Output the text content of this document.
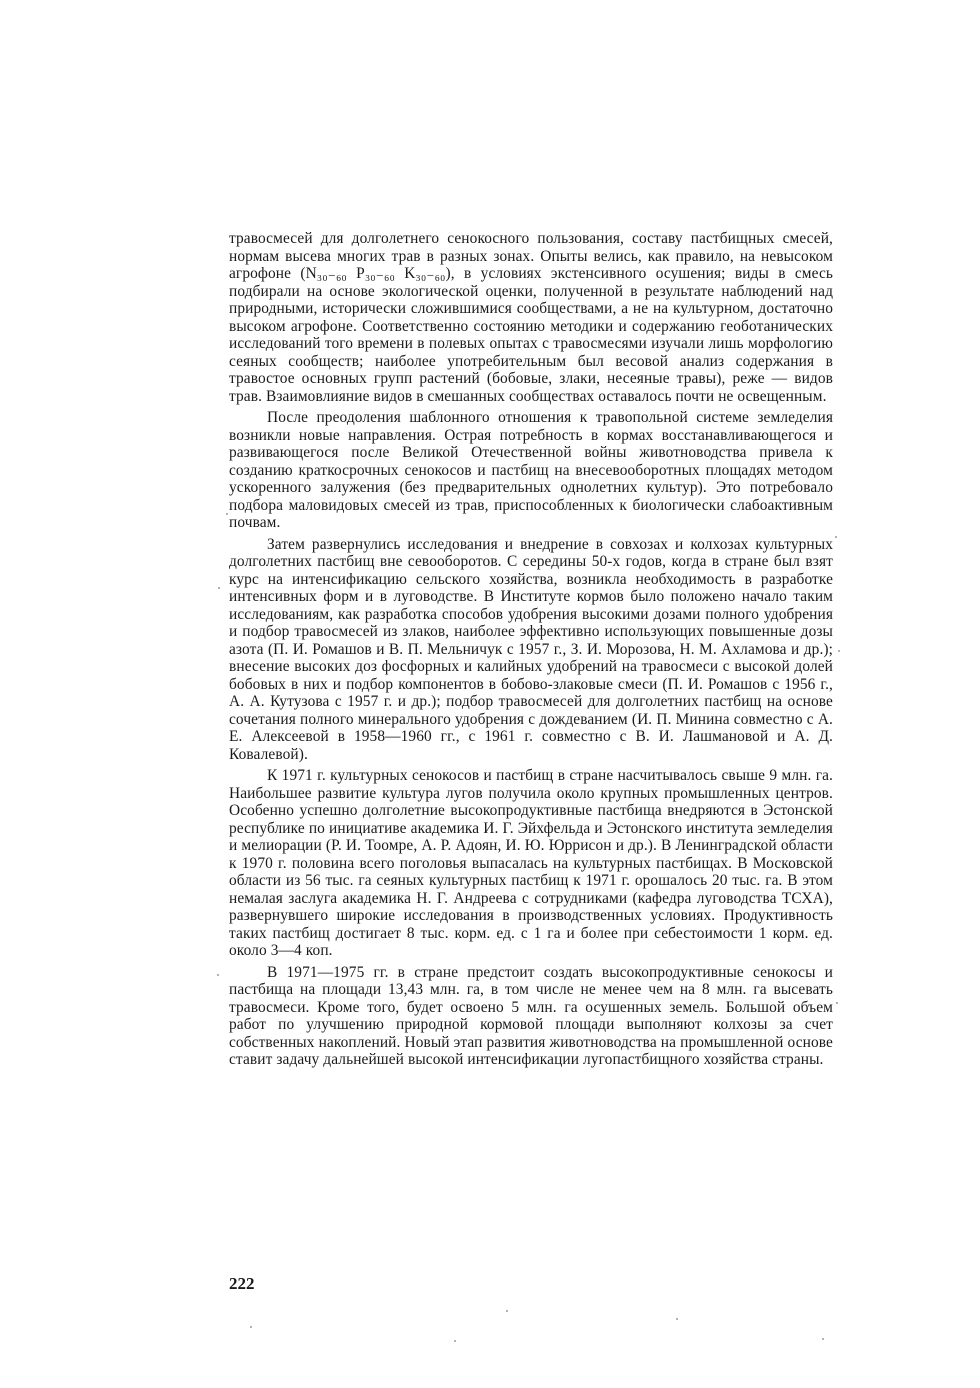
травосмесей для долголетнего сенокосного пользования, составу пастбищных смесей, нормам высева многих трав в разных зонах. Опыты велись, как правило, на невысоком агрофоне (N₃₀₋₆₀ P₃₀₋₆₀ K₃₀₋₆₀), в условиях экстенсивного осушения; виды в смесь подбирали на основе экологической оценки, полученной в результате наблюдений над природными, исторически сложившимися сообществами, а не на культурном, достаточно высоком агрофоне. Соответственно состоянию методики и содержанию геоботанических исследований того времени в полевых опытах с травосмесями изучали лишь морфологию сеяных сообществ; наиболее употребительным был весовой анализ содержания в травостое основных групп растений (бобовые, злаки, несеяные травы), реже — видов трав. Взаимовлияние видов в смешанных сообществах оставалось почти не освещенным.

После преодоления шаблонного отношения к травопольной системе земледелия возникли новые направления. Острая потребность в кормах восстанавливающегося и развивающегося после Великой Отечественной войны животноводства привела к созданию краткосрочных сенокосов и пастбищ на внесевооборотных площадях методом ускоренного залужения (без предварительных однолетних культур). Это потребовало подбора маловидовых смесей из трав, приспособленных к биологически слабоактивным почвам.

Затем развернулись исследования и внедрение в совхозах и колхозах культурных долголетних пастбищ вне севооборотов. С середины 50-х годов, когда в стране был взят курс на интенсификацию сельского хозяйства, возникла необходимость в разработке интенсивных форм и в луговодстве. В Институте кормов было положено начало таким исследованиям, как разработка способов удобрения высокими дозами полного удобрения и подбор травосмесей из злаков, наиболее эффективно использующих повышенные дозы азота (П. И. Ромашов и В. П. Мельничук с 1957 г., З. И. Морозова, Н. М. Ахламова и др.); внесение высоких доз фосфорных и калийных удобрений на травосмеси с высокой долей бобовых в них и подбор компонентов в бобово-злаковые смеси (П. И. Ромашов с 1956 г., А. А. Кутузова с 1957 г. и др.); подбор травосмесей для долголетних пастбищ на основе сочетания полного минерального удобрения с дождеванием (И. П. Минина совместно с А. Е. Алексеевой в 1958—1960 гг., с 1961 г. совместно с В. И. Лашмановой и А. Д. Ковалевой).

К 1971 г. культурных сенокосов и пастбищ в стране насчитывалось свыше 9 млн. га. Наибольшее развитие культура лугов получила около крупных промышленных центров. Особенно успешно долголетние высокопродуктивные пастбища внедряются в Эстонской республике по инициативе академика И. Г. Эйхфельда и Эстонского института земледелия и мелиорации (Р. И. Тоомре, А. Р. Адоян, И. Ю. Юррисон и др.). В Ленинградской области к 1970 г. половина всего поголовья выпасалась на культурных пастбищах. В Московской области из 56 тыс. га сеяных культурных пастбищ к 1971 г. орошалось 20 тыс. га. В этом немалая заслуга академика Н. Г. Андреева с сотрудниками (кафедра луговодства ТСХА), развернувшего широкие исследования в производственных условиях. Продуктивность таких пастбищ достигает 8 тыс. корм. ед. с 1 га и более при себестоимости 1 корм. ед. около 3—4 коп.

В 1971—1975 гг. в стране предстоит создать высокопродуктивные сенокосы и пастбища на площади 13,43 млн. га, в том числе не менее чем на 8 млн. га высевать травосмеси. Кроме того, будет освоено 5 млн. га осушенных земель. Большой объем работ по улучшению природной кормовой площади выполняют колхозы за счет собственных накоплений. Новый этап развития животноводства на промышленной основе ставит задачу дальнейшей высокой интенсификации лугопастбищного хозяйства страны.

222
